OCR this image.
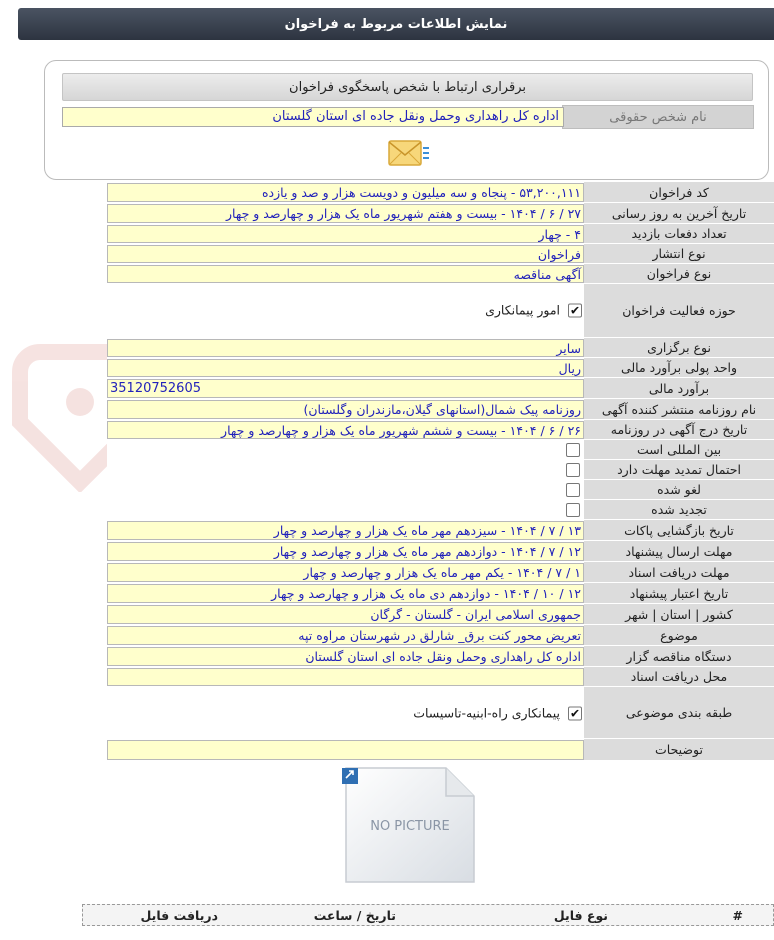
نمایش اطلاعات مربوط به فراخوان
برقراری ارتباط با شخص پاسخگوی فراخوان
نام شخص حقوقی
اداره کل راهداری وحمل ونقل جاده ای استان گلستان
کد فراخوان
۵۳,۲۰۰,۱۱۱ - پنجاه و سه میلیون و دویست هزار و صد و یازده
تاریخ آخرین به روز رسانی
۲۷ / ۶ / ۱۴۰۴ - بیست و هفتم شهریور ماه یک هزار و چهارصد و چهار
تعداد دفعات بازدید
۴ - چهار
نوع انتشار
فراخوان
نوع فراخوان
آگهی مناقصه
حوزه فعالیت فراخوان
✔
امور پیمانکاری
نوع برگزاری
سایر
واحد پولی برآورد مالی
ریال
برآورد مالی
35120752605
نام روزنامه منتشر کننده آگهی
روزنامه پیک شمال(استانهای گیلان،مازندران وگلستان)
تاریخ درج آگهی در روزنامه
۲۶ / ۶ / ۱۴۰۴ - بیست و ششم شهریور ماه یک هزار و چهارصد و چهار
بین المللی است
احتمال تمدید مهلت دارد
لغو شده
تجدید شده
تاریخ بازگشایی پاکات
۱۳ / ۷ / ۱۴۰۴ - سیزدهم مهر ماه یک هزار و چهارصد و چهار
مهلت ارسال پیشنهاد
۱۲ / ۷ / ۱۴۰۴ - دوازدهم مهر ماه یک هزار و چهارصد و چهار
مهلت دریافت اسناد
۱ / ۷ / ۱۴۰۴ - یکم مهر ماه یک هزار و چهارصد و چهار
تاریخ اعتبار پیشنهاد
۱۲ / ۱۰ / ۱۴۰۴ - دوازدهم دی ماه یک هزار و چهارصد و چهار
کشور | استان | شهر
جمهوری اسلامی ایران - گلستان - گرگان
موضوع
تعریض محور کنت برق_ شارلق در شهرستان مراوه تپه
دستگاه مناقصه گزار
اداره کل راهداری وحمل ونقل جاده ای استان گلستان
محل دریافت اسناد
طبقه بندی موضوعی
✔
پیمانکاری راه-ابنیه-تاسیسات
توضیحات
NO PICTURE
#
نوع فایل
تاریخ / ساعت
دریافت فایل
